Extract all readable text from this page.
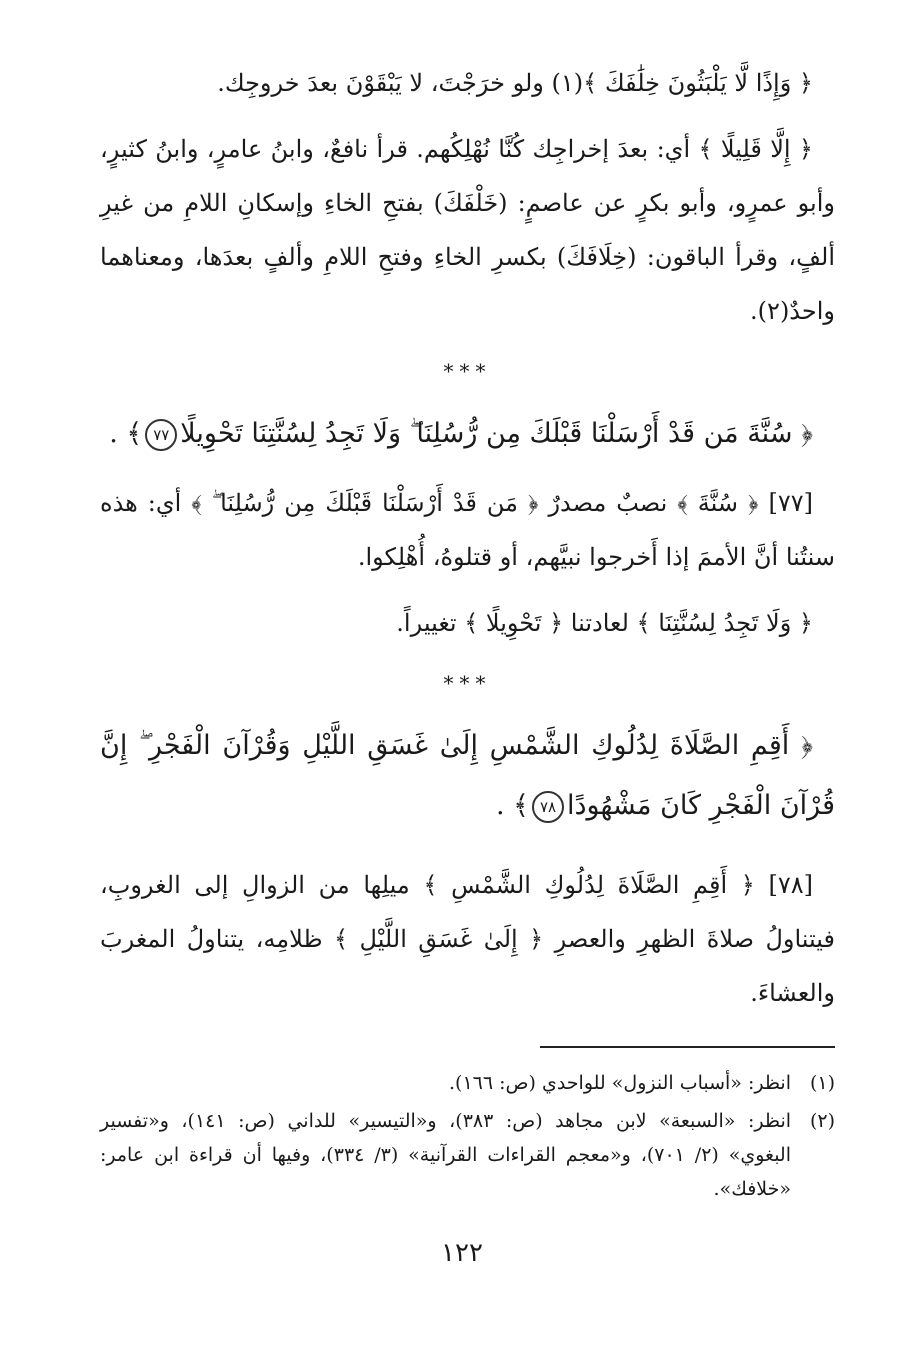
﴿ وَإِذًا لَّا يَلْبَثُونَ خِلَٰفَكَ ﴾(١) ولو خرَجْتَ، لا يَبْقَوْنَ بعدَ خروجِك.

﴿ إِلَّا قَلِيلًا ﴾ أي: بعدَ إخراجِك كُنَّا نُهْلِكُهم. قرأ نافعٌ، وابنُ عامرٍ، وابنُ كثيرٍ، وأبو عمرٍو، وأبو بكرٍ عن عاصمٍ: (خَلْفَكَ) بفتحِ الخاءِ وإسكانِ اللامِ من غيرِ ألفٍ، وقرأ الباقون: (خِلَافَكَ) بكسرِ الخاءِ وفتحِ اللامِ وألفٍ بعدَها، ومعناهما واحدٌ(٢).

***

﴿ سُنَّةَ مَن قَدْ أَرْسَلْنَا قَبْلَكَ مِن رُّسُلِنَا ۖ وَلَا تَجِدُ لِسُنَّتِنَا تَحْوِيلًا٧٧﴾ .

[٧٧] ﴿ سُنَّةَ ﴾ نصبٌ مصدرٌ ﴿ مَن قَدْ أَرْسَلْنَا قَبْلَكَ مِن رُّسُلِنَا ۖ ﴾ أي: هذه سنتُنا أنَّ الأممَ إذا أَخرجوا نبيَّهم، أو قتلوهُ، أُهْلِكوا.

﴿ وَلَا تَجِدُ لِسُنَّتِنَا ﴾ لعادتنا ﴿ تَحْوِيلًا ﴾ تغييراً.

***

﴿ أَقِمِ الصَّلَاةَ لِدُلُوكِ الشَّمْسِ إِلَىٰ غَسَقِ اللَّيْلِ وَقُرْآنَ الْفَجْرِ ۖ إِنَّ قُرْآنَ الْفَجْرِ كَانَ مَشْهُودًا٧٨﴾ .

[٧٨] ﴿ أَقِمِ الصَّلَاةَ لِدُلُوكِ الشَّمْسِ ﴾ ميلِها من الزوالِ إلى الغروبِ، فيتناولُ صلاةَ الظهرِ والعصرِ ﴿ إِلَىٰ غَسَقِ اللَّيْلِ ﴾ ظلامِه، يتناولُ المغربَ والعشاءَ.

(١)
انظر: «أسباب النزول» للواحدي (ص: ١٦٦).
(٢)
انظر: «السبعة» لابن مجاهد (ص: ٣٨٣)، و«التيسير» للداني (ص: ١٤١)، و«تفسير البغوي» (٢/ ٧٠١)، و«معجم القراءات القرآنية» (٣/ ٣٣٤)، وفيها أن قراءة ابن عامر: «خلافك».
١٢٢
